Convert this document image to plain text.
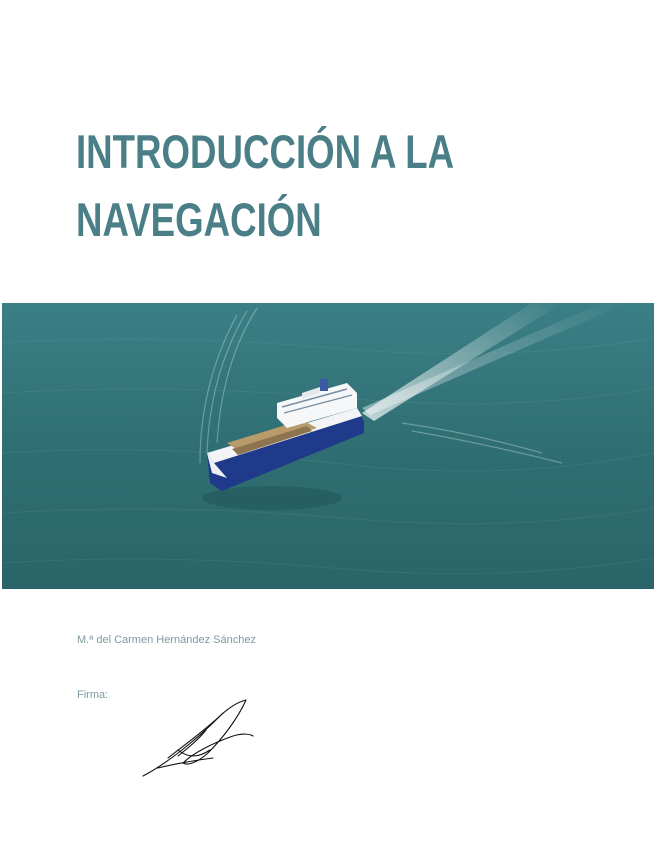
INTRODUCCIÓN A LA
NAVEGACIÓN

M.ª del Carmen Hernández Sánchez

Firma:
